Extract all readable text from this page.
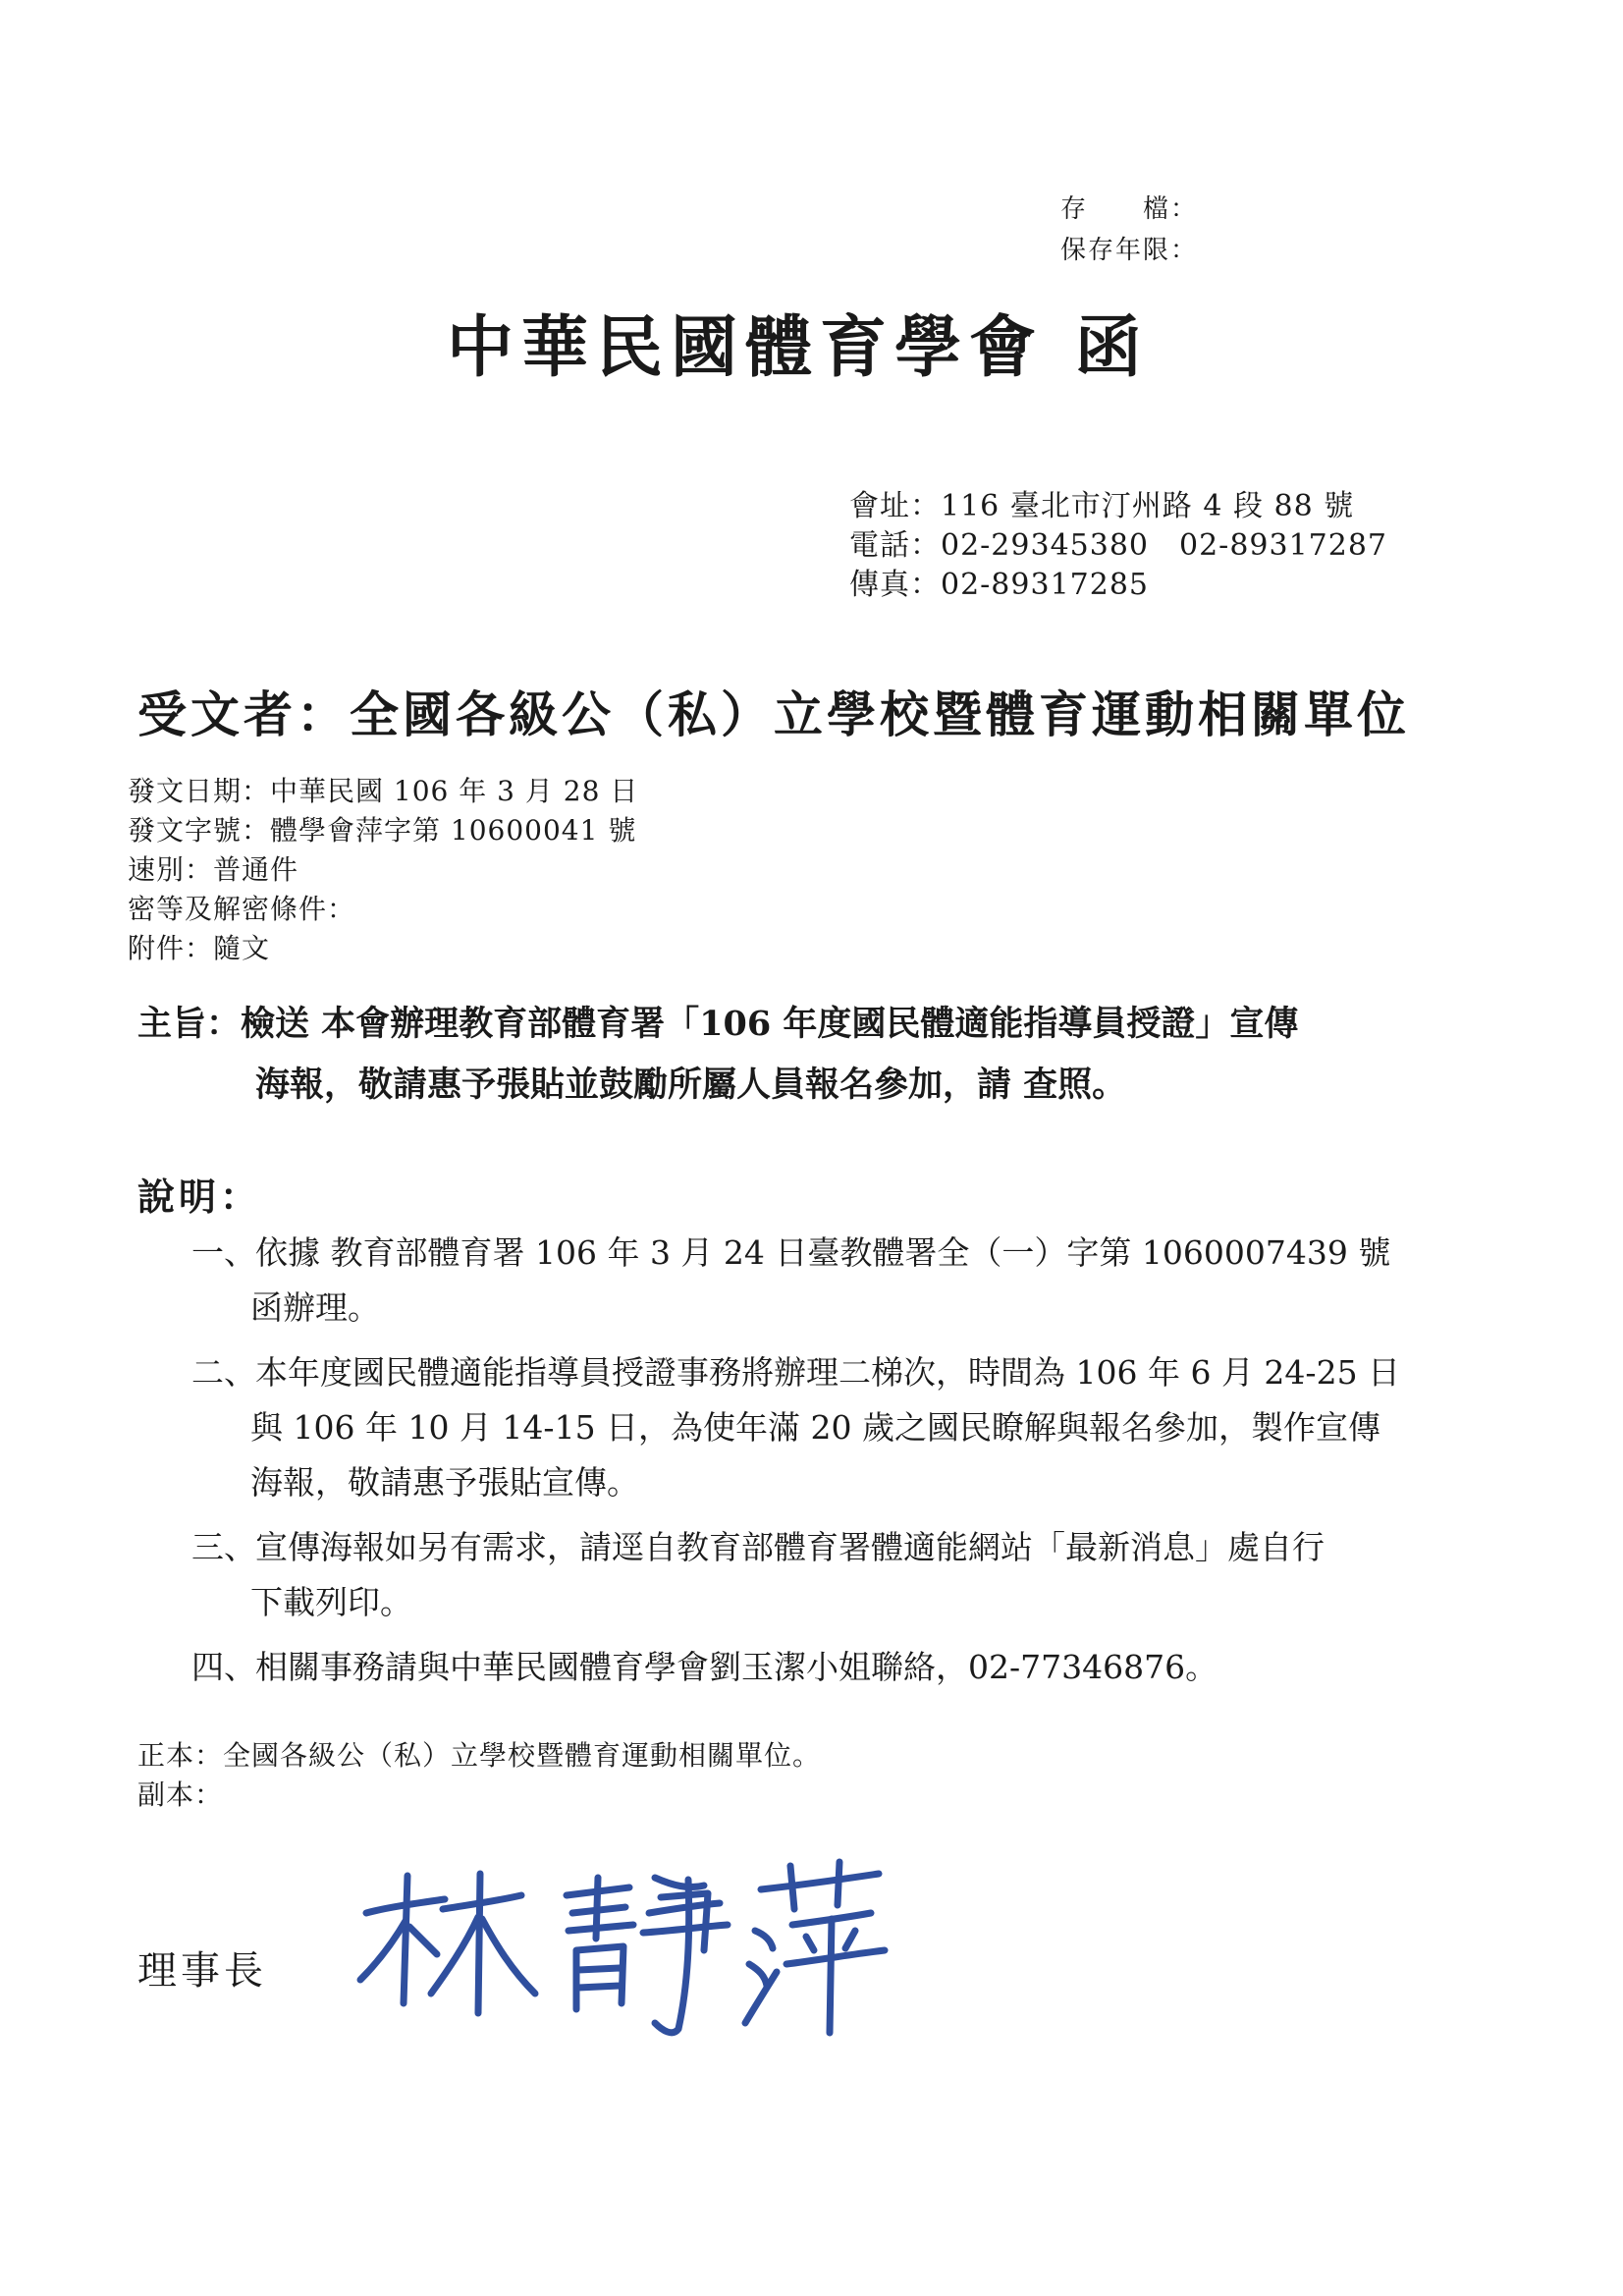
存　　檔：
保存年限：
中華民國體育學會 函
會址：116 臺北市汀州路 4 段 88 號
電話：02-29345380　02-89317287
傳真：02-89317285
受文者：全國各級公（私）立學校暨體育運動相關單位
發文日期：中華民國 106 年 3 月 28 日
發文字號：體學會萍字第 10600041 號
速別：普通件
密等及解密條件：
附件：隨文
主旨：檢送 本會辦理教育部體育署「106 年度國民體適能指導員授證」宣傳
海報，敬請惠予張貼並鼓勵所屬人員報名參加，請 查照。
說明：
一、依據 教育部體育署 106 年 3 月 24 日臺教體署全（一）字第 1060007439 號
函辦理。
二、本年度國民體適能指導員授證事務將辦理二梯次，時間為 106 年 6 月 24-25 日
與 106 年 10 月 14-15 日，為使年滿 20 歲之國民瞭解與報名參加，製作宣傳
海報，敬請惠予張貼宣傳。
三、宣傳海報如另有需求，請逕自教育部體育署體適能網站「最新消息」處自行
下載列印。
四、相關事務請與中華民國體育學會劉玉潔小姐聯絡，02-77346876。
正本：全國各級公（私）立學校暨體育運動相關單位。
副本：
理事長
